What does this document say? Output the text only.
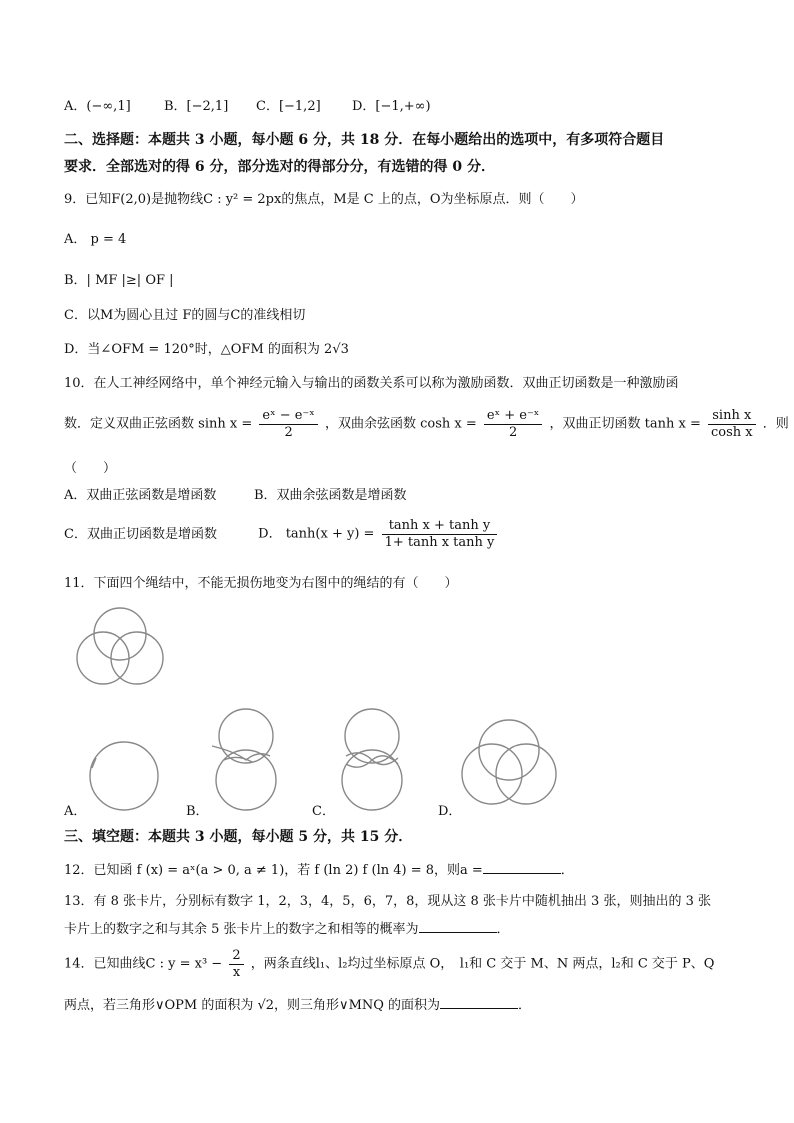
A．(−∞,1]	B．[−2,1] C．[−1,2] D．[−1,+∞)
二、选择题：本题共 3 小题，每小题 6 分，共 18 分．在每小题给出的选项中，有多项符合题目
要求．全部选对的得 6 分，部分选对的得部分分，有选错的得 0 分．
9．已知F(2,0)是抛物线C : y² = 2px的焦点，M是 C 上的点，O为坐标原点．则（　　）
A． p = 4
B．| MF |≥| OF |
C．以M为圆心且过 F的圆与C的准线相切
D．当∠OFM = 120°时，△OFM 的面积为 2√3
10．在人工神经网络中，单个神经元输入与输出的函数关系可以称为激励函数．双曲正切函数是一种激励函
数．定义双曲正弦函数 $\sinh x = \frac{\text{eˣ − e⁻ˣ}}{2}$ ，双曲余弦函数 $\cosh x = \frac{\text{eˣ + e⁻ˣ}}{2}$ ，双曲正切函数 $\tanh x = \frac{\text{sinh x}}{\text{cosh x}}$ ．则
（　　）
A．双曲正弦函数是增函数	B．双曲余弦函数是增函数
C．双曲正切函数是增函数	D． $\tanh(x + y) = \frac{\text{tanh x + tanh y}}{\text{1+ tanh x tanh y}}$
11．下面四个绳结中，不能无损伤地变为右图中的绳结的有（　　）
A．	B．	C．	D．
三、填空题：本题共 3 小题，每小题 5 分，共 15 分．
12．已知函 f (x) = aˣ(a > 0, a ≠ 1)，若 f (ln 2) f (ln 4) = 8，则a =	．
13．有 8 张卡片，分别标有数字 1，2，3，4，5，6，7，8，现从这 8 张卡片中随机抽出 3 张，则抽出的 3 张
卡片上的数字之和与其余 5 张卡片上的数字之和相等的概率为	．
14．已知曲线C : $y = x^3 - \frac{2}{x}$ ，两条直线l₁、l₂均过坐标原点 O，　l₁和 C 交于 M、N 两点，l₂和 C 交于 P、Q
两点，若三角形∨OPM 的面积为 √2，则三角形∨MNQ 的面积为	．
